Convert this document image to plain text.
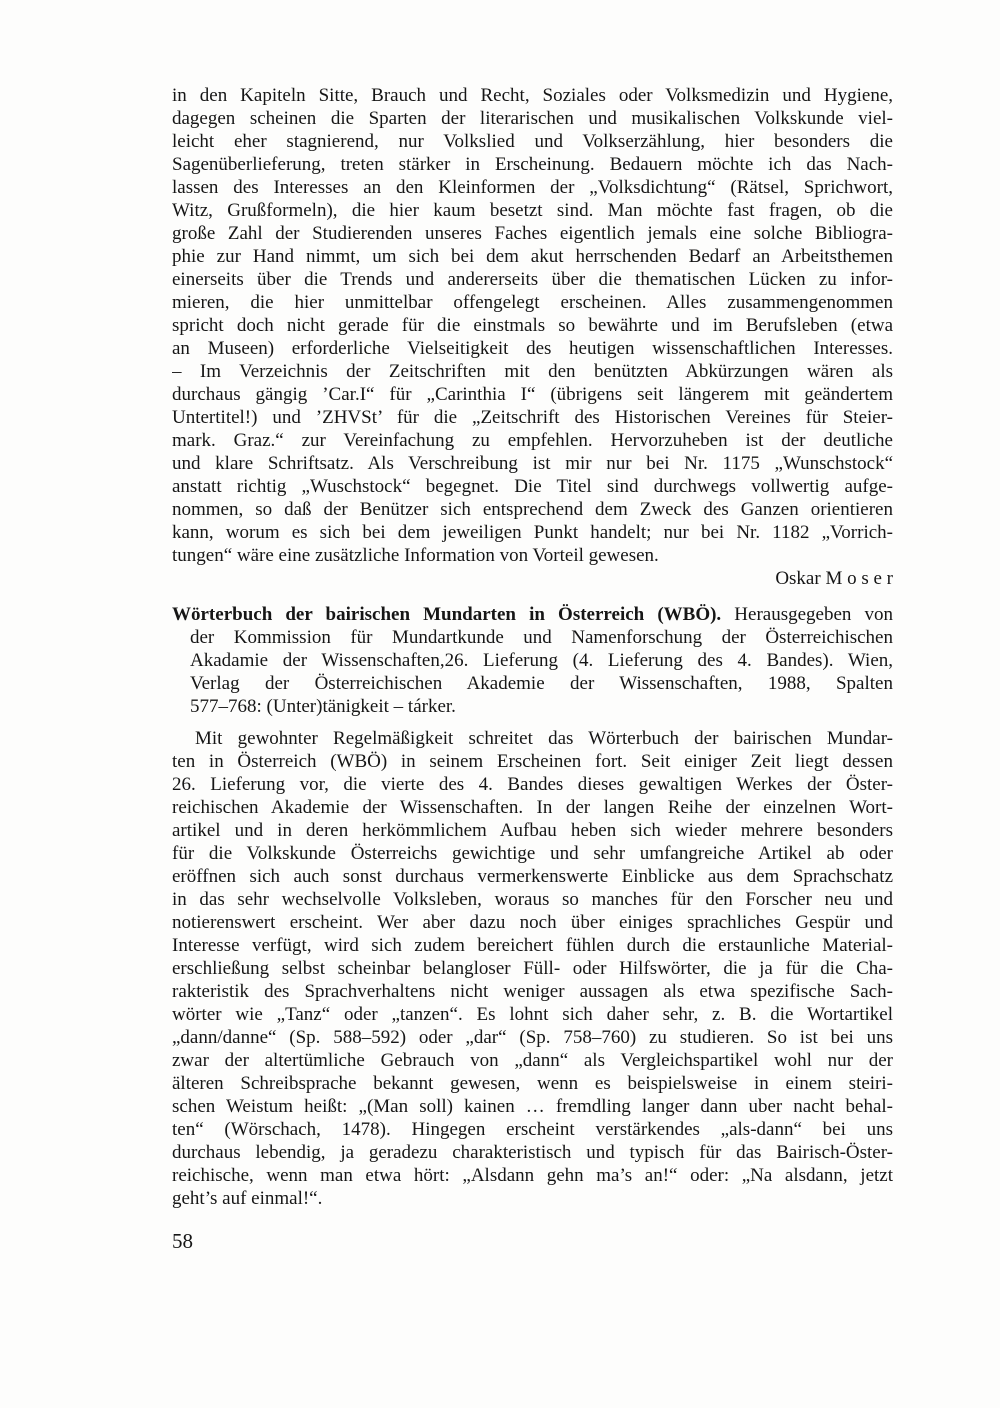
in den Kapiteln Sitte, Brauch und Recht, Soziales oder Volksmedizin und Hygiene,
dagegen scheinen die Sparten der literarischen und musikalischen Volkskunde viel-
leicht eher stagnierend, nur Volkslied und Volkserzählung, hier besonders die
Sagenüberlieferung, treten stärker in Erscheinung. Bedauern möchte ich das Nach-
lassen des Interesses an den Kleinformen der „Volksdichtung“ (Rätsel, Sprichwort,
Witz, Grußformeln), die hier kaum besetzt sind. Man möchte fast fragen, ob die
große Zahl der Studierenden unseres Faches eigentlich jemals eine solche Bibliogra-
phie zur Hand nimmt, um sich bei dem akut herrschenden Bedarf an Arbeitsthemen
einerseits über die Trends und andererseits über die thematischen Lücken zu infor-
mieren, die hier unmittelbar offengelegt erscheinen. Alles zusammengenommen
spricht doch nicht gerade für die einstmals so bewährte und im Berufsleben (etwa
an Museen) erforderliche Vielseitigkeit des heutigen wissenschaftlichen Interesses.
– Im Verzeichnis der Zeitschriften mit den benützten Abkürzungen wären als
durchaus gängig ’Car.I“ für „Carinthia I“ (übrigens seit längerem mit geändertem
Untertitel!) und ’ZHVSt’ für die „Zeitschrift des Historischen Vereines für Steier-
mark. Graz.“ zur Vereinfachung zu empfehlen. Hervorzuheben ist der deutliche
und klare Schriftsatz. Als Verschreibung ist mir nur bei Nr. 1175 „Wunschstock“
anstatt richtig „Wuschstock“ begegnet. Die Titel sind durchwegs vollwertig aufge-
nommen, so daß der Benützer sich entsprechend dem Zweck des Ganzen orientieren
kann, worum es sich bei dem jeweiligen Punkt handelt; nur bei Nr. 1182 „Vorrich-
tungen“ wäre eine zusätzliche Information von Vorteil gewesen.
Oskar M o s e r
Wörterbuch der bairischen Mundarten in Österreich (WBÖ). Herausgegeben von
der Kommission für Mundartkunde und Namenforschung der Österreichischen
Akadamie der Wissenschaften,26. Lieferung (4. Lieferung des 4. Bandes). Wien,
Verlag der Österreichischen Akademie der Wissenschaften, 1988, Spalten
577–768: (Unter)tänigkeit – tárker.
Mit gewohnter Regelmäßigkeit schreitet das Wörterbuch der bairischen Mundar-
ten in Österreich (WBÖ) in seinem Erscheinen fort. Seit einiger Zeit liegt dessen
26. Lieferung vor, die vierte des 4. Bandes dieses gewaltigen Werkes der Öster-
reichischen Akademie der Wissenschaften. In der langen Reihe der einzelnen Wort-
artikel und in deren herkömmlichem Aufbau heben sich wieder mehrere besonders
für die Volkskunde Österreichs gewichtige und sehr umfangreiche Artikel ab oder
eröffnen sich auch sonst durchaus vermerkenswerte Einblicke aus dem Sprachschatz
in das sehr wechselvolle Volksleben, woraus so manches für den Forscher neu und
notierenswert erscheint. Wer aber dazu noch über einiges sprachliches Gespür und
Interesse verfügt, wird sich zudem bereichert fühlen durch die erstaunliche Material-
erschließung selbst scheinbar belangloser Füll- oder Hilfswörter, die ja für die Cha-
rakteristik des Sprachverhaltens nicht weniger aussagen als etwa spezifische Sach-
wörter wie „Tanz“ oder „tanzen“. Es lohnt sich daher sehr, z. B. die Wortartikel
„dann/danne“ (Sp. 588–592) oder „dar“ (Sp. 758–760) zu studieren. So ist bei uns
zwar der altertümliche Gebrauch von „dann“ als Vergleichspartikel wohl nur der
älteren Schreibsprache bekannt gewesen, wenn es beispielsweise in einem steiri-
schen Weistum heißt: „(Man soll) kainen … fremdling langer dann uber nacht behal-
ten“ (Wörschach, 1478). Hingegen erscheint verstärkendes „als-dann“ bei uns
durchaus lebendig, ja geradezu charakteristisch und typisch für das Bairisch-Öster-
reichische, wenn man etwa hört: „Alsdann gehn ma’s an!“ oder: „Na alsdann, jetzt
geht’s auf einmal!“.
58
